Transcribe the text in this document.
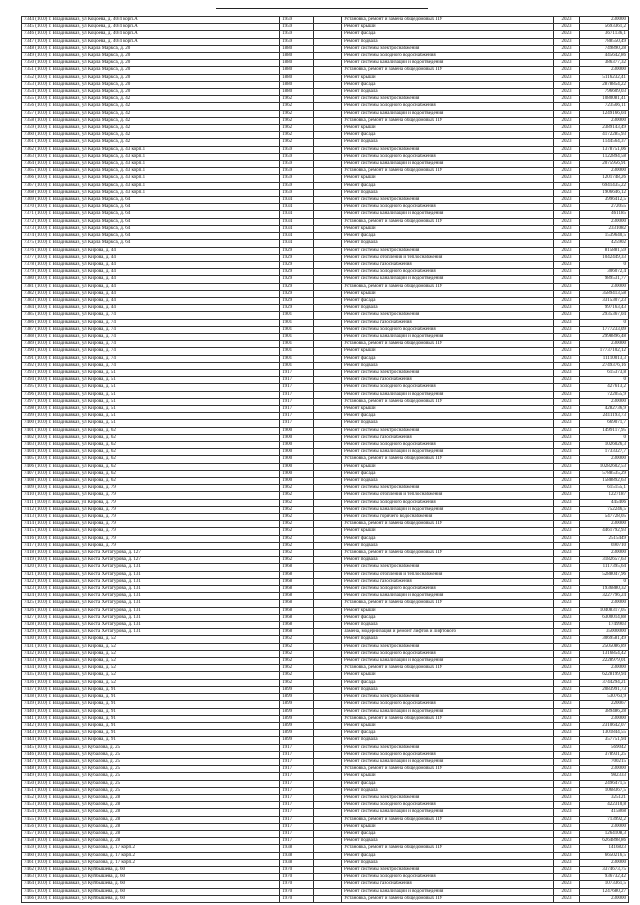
7344 (10.0) г. Владикавказ, ул Коцоева, д. 40/4 корп.А	1959		Установка, ремонт и замена общедомовых ПУ	2023	230000
7345 (10.0) г. Владикавказ, ул Коцоева, д. 40/4 корп.А	1959		Ремонт крыши	2023	5693361,2
7346 (10.0) г. Владикавказ, ул Коцоева, д. 40/4 корп.А	1959		Ремонт фасада	2023	3671136,1
7347 (10.0) г. Владикавказ, ул Коцоева, д. 40/4 корп.А	1959		Ремонт подвала	2023	788550,49
7348 (10.0) г. Владикавказ, ул Карла Маркса, д. 20	1880		Ремонт системы электроснабжения	2023	749890,28
7349 (10.0) г. Владикавказ, ул Карла Маркса, д. 20	1880		Ремонт системы холодного водоснабжения	2023	445642,86
7350 (10.0) г. Владикавказ, ул Карла Маркса, д. 20	1880		Ремонт системы канализации и водоотведения	2023	386377,32
7351 (10.0) г. Владикавказ, ул Карла Маркса, д. 20	1880		Установка, ремонт и замена общедомовых ПУ	2023	230000
7352 (10.0) г. Владикавказ, ул Карла Маркса, д. 20	1880		Ремонт крыши	2023	5116232,41
7353 (10.0) г. Владикавказ, ул Карла Маркса, д. 20	1880		Ремонт фасада	2023	2878854,22
7354 (10.0) г. Владикавказ, ул Карла Маркса, д. 20	1880		Ремонт подвала	2023	796609,03
7355 (10.0) г. Владикавказ, ул Карла Маркса, д. 42	1962		Ремонт системы электроснабжения	2023	1080081,41
7356 (10.0) г. Владикавказ, ул Карла Маркса, д. 42	1962		Ремонт системы холодного водоснабжения	2023	723506,11
7357 (10.0) г. Владикавказ, ул Карла Маркса, д. 42	1962		Ремонт системы канализации и водоотведения	2023	1249166,04
7358 (10.0) г. Владикавказ, ул Карла Маркса, д. 42	1962		Установка, ремонт и замена общедомовых ПУ	2023	230000
7359 (10.0) г. Владикавказ, ул Карла Маркса, д. 42	1962		Ремонт крыши	2023	2389143,49
7360 (10.0) г. Владикавказ, ул Карла Маркса, д. 42	1962		Ремонт фасада	2023	4172285,93
7361 (10.0) г. Владикавказ, ул Карла Маркса, д. 42	1962		Ремонт подвала	2023	1144564,37
7362 (10.0) г. Владикавказ, ул Карла Маркса, д. 43 корп.1	1959		Ремонт системы электроснабжения	2023	1378751,06
7363 (10.0) г. Владикавказ, ул Карла Маркса, д. 43 корп.1	1959		Ремонт системы холодного водоснабжения	2023	1122894,58
7364 (10.0) г. Владикавказ, ул Карла Маркса, д. 43 корп.1	1959		Ремонт системы канализации и водоотведения	2023	2075956,91
7365 (10.0) г. Владикавказ, ул Карла Маркса, д. 43 корп.1	1959		Установка, ремонт и замена общедомовых ПУ	2023	230000
7366 (10.0) г. Владикавказ, ул Карла Маркса, д. 43 корп.1	1959		Ремонт крыши	2023	1201748,26
7367 (10.0) г. Владикавказ, ул Карла Маркса, д. 43 корп.1	1959		Ремонт фасада	2023	6941435,22
7368 (10.0) г. Владикавказ, ул Карла Маркса, д. 43 корп.1	1959		Ремонт подвала	2023	1906646,12
7369 (10.0) г. Владикавказ, ул Карла Маркса, д. 64	1934		Ремонт системы электроснабжения	2023	3996412,5
7370 (10.0) г. Владикавказ, ул Карла Маркса, д. 64	1934		Ремонт системы холодного водоснабжения	2023	272055
7371 (10.0) г. Владикавказ, ул Карла Маркса, д. 64	1934		Ремонт системы канализации и водоотведения	2023	461185
7372 (10.0) г. Владикавказ, ул Карла Маркса, д. 64	1934		Установка, ремонт и замена общедомовых ПУ	2023	230000
7373 (10.0) г. Владикавказ, ул Карла Маркса, д. 64	1934		Ремонт крыши	2023	2331082
7374 (10.0) г. Владикавказ, ул Карла Маркса, д. 64	1934		Ремонт фасада	2023	1539640,5
7375 (10.0) г. Владикавказ, ул Карла Маркса, д. 64	1934		Ремонт подвала	2023	425902
7376 (10.0) г. Владикавказ, ул Кирова, д. 44	1929		Ремонт системы электроснабжения	2023	815881,59
7377 (10.0) г. Владикавказ, ул Кирова, д. 44	1929		Ремонт системы отопления и теплоснабжения	2023	1042449,33
7378 (10.0) г. Владикавказ, ул Кирова, д. 44	1929		Ремонт системы газоснабжения	2023	0
7379 (10.0) г. Владикавказ, ул Кирова, д. 44	1929		Ремонт системы холодного водоснабжения	2023	306072,4
7380 (10.0) г. Владикавказ, ул Кирова, д. 44	1929		Ремонт системы канализации и водоотведения	2023	989531,77
7381 (10.0) г. Владикавказ, ул Кирова, д. 44	1929		Установка, ремонт и замена общедомовых ПУ	2023	230000
7382 (10.0) г. Владикавказ, ул Кирова, д. 44	1929		Ремонт крыши	2023	3589413,58
7383 (10.0) г. Владикавказ, ул Кирова, д. 44	1929		Ремонт фасада	2023	3315307,23
7384 (10.0) г. Владикавказ, ул Кирова, д. 44	1929		Ремонт подвала	2023	997163,43
7385 (10.0) г. Владикавказ, ул Кирова, д. 74	1901		Ремонт системы электроснабжения	2023	2935367,04
7386 (10.0) г. Владикавказ, ул Кирова, д. 74	1901		Ремонт системы газоснабжения	2023	0
7387 (10.0) г. Владикавказ, ул Кирова, д. 74	1901		Ремонт системы холодного водоснабжения	2023	1777233,09
7388 (10.0) г. Владикавказ, ул Кирова, д. 74	1901		Ремонт системы канализации и водоотведения	2023	2998896,48
7389 (10.0) г. Владикавказ, ул Кирова, д. 74	1901		Установка, ремонт и замена общедомовых ПУ	2023	230000
7390 (10.0) г. Владикавказ, ул Кирова, д. 74	1901		Ремонт крыши	2023	17737102,12
7391 (10.0) г. Владикавказ, ул Кирова, д. 74	1901		Ремонт фасада	2023	11110013,3
7392 (10.0) г. Владикавказ, ул Кирова, д. 74	1901		Ремонт подвала	2023	2749376,16
7393 (10.0) г. Владикавказ, ул Кирова, д. 51	1917		Ремонт системы электроснабжения	2023	615373,8
7394 (10.0) г. Владикавказ, ул Кирова, д. 51	1917		Ремонт системы газоснабжения	2023	0
7395 (10.0) г. Владикавказ, ул Кирова, д. 51	1917		Ремонт системы холодного водоснабжения	2023	427613,2
7396 (10.0) г. Владикавказ, ул Кирова, д. 51	1917		Ремонт системы канализации и водоотведения	2023	722055,9
7397 (10.0) г. Владикавказ, ул Кирова, д. 51	1917		Установка, ремонт и замена общедомовых ПУ	2023	230000
7398 (10.0) г. Владикавказ, ул Кирова, д. 51	1917		Ремонт крыши	2023	4282736,9
7399 (10.0) г. Владикавказ, ул Кирова, д. 51	1917		Ремонт фасада	2023	2411193,73
7400 (10.0) г. Владикавказ, ул Кирова, д. 51	1917		Ремонт подвала	2023	669071,7
7401 (10.0) г. Владикавказ, ул Кирова, д. 62	1900		Ремонт системы электроснабжения	2023	1499117,95
7402 (10.0) г. Владикавказ, ул Кирова, д. 62	1900		Ремонт системы газоснабжения	2023	0
7403 (10.0) г. Владикавказ, ул Кирова, д. 62	1900		Ремонт системы холодного водоснабжения	2023	1026026,3
7404 (10.0) г. Владикавказ, ул Кирова, д. 62	1900		Ремонт системы канализации и водоотведения	2023	1733327,7
7405 (10.0) г. Владикавказ, ул Кирова, д. 62	1900		Установка, ремонт и замена общедомовых ПУ	2023	230000
7406 (10.0) г. Владикавказ, ул Кирова, д. 62	1900		Ремонт крыши	2023	10282602,53
7407 (10.0) г. Владикавказ, ул Кирова, д. 62	1900		Ремонт фасада	2023	5788535,29
7408 (10.0) г. Владикавказ, ул Кирова, д. 62	1900		Ремонт подвала	2023	1588892,63
7409 (10.0) г. Владикавказ, ул Кирова, д. 79	1962		Ремонт системы электроснабжения	2023	615155,1
7410 (10.0) г. Владикавказ, ул Кирова, д. 79	1962		Ремонт системы отопления и теплоснабжения	2023	1227187
7411 (10.0) г. Владикавказ, ул Кирова, д. 79	1962		Ремонт системы холодного водоснабжения	2023	445406
7412 (10.0) г. Владикавказ, ул Кирова, д. 79	1962		Ремонт системы канализации и водоотведения	2023	752246,5
7413 (10.0) г. Владикавказ, ул Кирова, д. 79	1962		Ремонт системы горячего водоснабжения	2023	547728,05
7414 (10.0) г. Владикавказ, ул Кирова, д. 79	1962		Установка, ремонт и замена общедомовых ПУ	2023	230000
7415 (10.0) г. Владикавказ, ул Кирова, д. 79	1962		Ремонт крыши	2023	4461792,93
7416 (10.0) г. Владикавказ, ул Кирова, д. 79	1962		Ремонт фасада	2023	2515449
7417 (10.0) г. Владикавказ, ул Кирова, д. 79	1962		Ремонт подвала	2023	690710
7418 (10.0) г. Владикавказ, ул Коста Хетагурова, д. 127	1962		Установка, ремонт и замена общедомовых ПУ	2023	230000
7419 (10.0) г. Владикавказ, ул Коста Хетагурова, д. 127	1962		Ремонт подвала	2023	3182657,63
7420 (10.0) г. Владикавказ, ул Коста Хетагурова, д. 131	1968		Ремонт системы электроснабжения	2023	1117395,64
7421 (10.0) г. Владикавказ, ул Коста Хетагурова, д. 131	1968		Ремонт системы отопления и теплоснабжения	2023	5288047,96
7422 (10.0) г. Владикавказ, ул Коста Хетагурова, д. 131	1968		Ремонт системы газоснабжения	2023	0
7423 (10.0) г. Владикавказ, ул Коста Хетагурова, д. 131	1968		Ремонт системы холодного водоснабжения	2023	1936880,32
7424 (10.0) г. Владикавказ, ул Коста Хетагурова, д. 131	1968		Ремонт системы канализации и водоотведения	2023	3227796,24
7425 (10.0) г. Владикавказ, ул Коста Хетагурова, д. 131	1968		Установка, ремонт и замена общедомовых ПУ	2023	230000
7426 (10.0) г. Владикавказ, ул Коста Хетагурова, д. 131	1968		Ремонт крыши	2023	10408317,05
7427 (10.0) г. Владикавказ, ул Коста Хетагурова, д. 131	1968		Ремонт фасада	2023	6300014,88
7428 (10.0) г. Владикавказ, ул Коста Хетагурова, д. 131	1968		Ремонт подвала	2023	1749903
7429 (10.0) г. Владикавказ, ул Коста Хетагурова, д. 131	1968		Замена, модернизация и ремонт лифтов и лифтового	2023	35000000
7430 (10.0) г. Владикавказ, ул Кирова, д. 52	1962		Ремонт подвала	2023	3069581,49
7431 (10.0) г. Владикавказ, ул Кирова, д. 52	1962		Ремонт системы электроснабжения	2023	2505086,89
7432 (10.0) г. Владикавказ, ул Кирова, д. 52	1962		Ремонт системы холодного водоснабжения	2023	1316854,42
7433 (10.0) г. Владикавказ, ул Кирова, д. 52	1962		Ремонт системы канализации и водоотведения	2023	2228979,01
7434 (10.0) г. Владикавказ, ул Кирова, д. 52	1962		Установка, ремонт и замена общедомовых ПУ	2023	230000
7435 (10.0) г. Владикавказ, ул Кирова, д. 52	1962		Ремонт крыши	2023	6228199,94
7436 (10.0) г. Владикавказ, ул Кирова, д. 52	1962		Ремонт фасада	2023	3744294,21
7437 (10.0) г. Владикавказ, ул Кирова, д. 91	1899		Ремонт подвала	2023	2083991,73
7438 (10.0) г. Владикавказ, ул Кирова, д. 91	1899		Ремонт системы электроснабжения	2023	530763,9
7439 (10.0) г. Владикавказ, ул Кирова, д. 91	1899		Ремонт системы холодного водоснабжения	2023	220067
7440 (10.0) г. Владикавказ, ул Кирова, д. 91	1899		Ремонт системы канализации и водоотведения	2023	389486,28
7441 (10.0) г. Владикавказ, ул Кирова, д. 91	1899		Установка, ремонт и замена общедомовых ПУ	2023	230000
7442 (10.0) г. Владикавказ, ул Кирова, д. 91	1899		Ремонт крыши	2023	2310642,07
7443 (10.0) г. Владикавказ, ул Кирова, д. 91	1899		Ремонт фасада	2023	1301844,55
7444 (10.0) г. Владикавказ, ул Кирова, д. 91	1899		Ремонт подвала	2023	357751,94
7445 (10.0) г. Владикавказ, ул Кубалова, д. 25	1917		Ремонт системы электроснабжения	2023	569042
7446 (10.0) г. Владикавказ, ул Кубалова, д. 25	1917		Ремонт системы холодного водоснабжения	2023	378931,25
7447 (10.0) г. Владикавказ, ул Кубалова, д. 25	1917		Ремонт системы канализации и водоотведения	2023	700215
7448 (10.0) г. Владикавказ, ул Кубалова, д. 25	1917		Установка, ремонт и замена общедомовых ПУ	2023	230000
7449 (10.0) г. Владикавказ, ул Кубалова, д. 25	1917		Ремонт крыши	2023	982333
7450 (10.0) г. Владикавказ, ул Кубалова, д. 25	1917		Ремонт фасада	2023	2496471,5
7451 (10.0) г. Владикавказ, ул Кубалова, д. 25	1917		Ремонт подвала	2023	1068367,5
7452 (10.0) г. Владикавказ, ул Кубалова, д. 28	1917		Ремонт системы электроснабжения	2023	325121
7453 (10.0) г. Владикавказ, ул Кубалова, д. 28	1917		Ремонт системы холодного водоснабжения	2023	422310,8
7454 (10.0) г. Владикавказ, ул Кубалова, д. 28	1917		Ремонт системы канализации и водоотведения	2023	415868
7455 (10.0) г. Владикавказ, ул Кубалова, д. 28	1917		Установка, ремонт и замена общедомовых ПУ	2023	713992,2
7456 (10.0) г. Владикавказ, ул Кубалова, д. 28	1917		Ремонт крыши	2023	230000
7457 (10.0) г. Владикавказ, ул Кубалова, д. 28	1917		Ремонт фасада	2023	1264108,3
7458 (10.0) г. Владикавказ, ул Кубалова, д. 28	1917		Ремонт подвала	2023	6264898,86
7459 (10.0) г. Владикавказ, ул Кубалова, д. 17 корп.2	1938		Установка, ремонт и замена общедомовых ПУ	2023	1416823
7460 (10.0) г. Владикавказ, ул Кубалова, д. 17 корп.2	1938		Ремонт фасада	2023	6650216,5
7461 (10.0) г. Владикавказ, ул Кубалова, д. 17 корп.2	1938		Ремонт подвала	2023	230000
7462 (10.0) г. Владикавказ, ул Куйбышева, д. 60	1970		Ремонт системы электроснабжения	2023	3374673,75
7463 (10.0) г. Владикавказ, ул Куйбышева, д. 60	1970		Ремонт системы холодного водоснабжения	2023	936732,42
7464 (10.0) г. Владикавказ, ул Куйбышева, д. 60	1970		Ремонт системы газоснабжения	2023	1073361,5
7465 (10.0) г. Владикавказ, ул Куйбышева, д. 60	1970		Ремонт системы канализации и водоотведения	2023	1247680,27
7466 (10.0) г. Владикавказ, ул Куйбышева, д. 60	1970		Установка, ремонт и замена общедомовых ПУ	2023	230000
